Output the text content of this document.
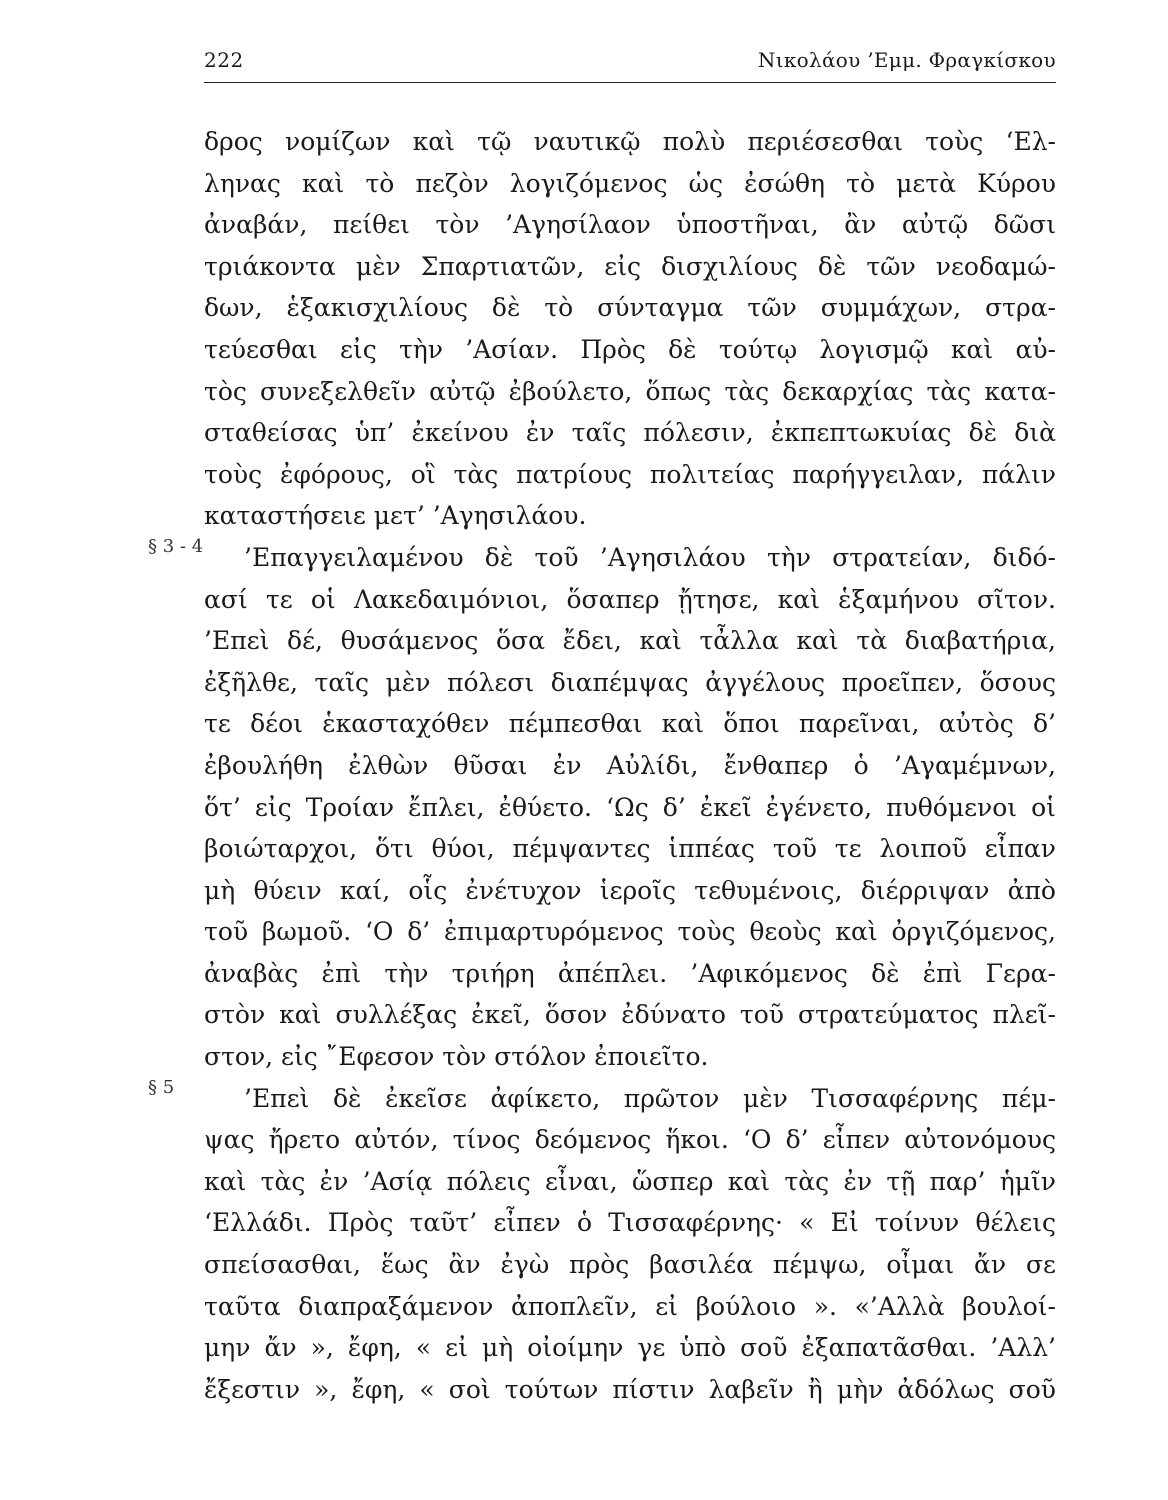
222	Νικολάου ’Εμμ. Φραγκίσκου
§ 3 - 4
§ 5
δρος νομίζων καὶ τῷ ναυτικῷ πολὺ περιέσεσθαι τοὺς ‘Ελ-
ληνας καὶ τὸ πεζὸν λογιζόμενος ὡς ἐσώθη τὸ μετὰ Κύρου
ἀναβάν, πείθει τὸν ’Αγησίλαον ὑποστῆναι, ἂν αὐτῷ δῶσι
τριάκοντα μὲν Σπαρτιατῶν, εἰς δισχιλίους δὲ τῶν νεοδαμώ-
δων, ἑξακισχιλίους δὲ τὸ σύνταγμα τῶν συμμάχων, στρα-
τεύεσθαι εἰς τὴν ’Ασίαν. Πρὸς δὲ τούτῳ λογισμῷ καὶ αὐ-
τὸς συνεξελθεῖν αὐτῷ ἐβούλετο, ὅπως τὰς δεκαρχίας τὰς κατα-
σταθείσας ὑπ’ ἐκείνου ἐν ταῖς πόλεσιν, ἐκπεπτωκυίας δὲ διὰ
τοὺς ἐφόρους, οἳ τὰς πατρίους πολιτείας παρήγγειλαν, πάλιν
καταστήσειε μετ’ ’Αγησιλάου.
’Επαγγειλαμένου δὲ τοῦ ’Αγησιλάου τὴν στρατείαν, διδό-
ασί τε οἱ Λακεδαιμόνιοι, ὅσαπερ ᾔτησε, καὶ ἑξαμήνου σῖτον.
’Επεὶ δέ, θυσάμενος ὅσα ἔδει, καὶ τἆλλα καὶ τὰ διαβατήρια,
ἐξῆλθε, ταῖς μὲν πόλεσι διαπέμψας ἀγγέλους προεῖπεν, ὅσους
τε δέοι ἑκασταχόθεν πέμπεσθαι καὶ ὅποι παρεῖναι, αὐτὸς δ’
ἐβουλήθη ἐλθὼν θῦσαι ἐν Αὐλίδι, ἔνθαπερ ὁ ’Αγαμέμνων,
ὅτ’ εἰς Τροίαν ἔπλει, ἐθύετο. ‘Ως δ’ ἐκεῖ ἐγένετο, πυθόμενοι οἱ
βοιώταρχοι, ὅτι θύοι, πέμψαντες ἱππέας τοῦ τε λοιποῦ εἶπαν
μὴ θύειν καί, οἷς ἐνέτυχον ἱεροῖς τεθυμένοις, διέρριψαν ἀπὸ
τοῦ βωμοῦ. ‘Ο δ’ ἐπιμαρτυρόμενος τοὺς θεοὺς καὶ ὀργιζόμενος,
ἀναβὰς ἐπὶ τὴν τριήρη ἀπέπλει. ’Αφικόμενος δὲ ἐπὶ Γερα-
στὸν καὶ συλλέξας ἐκεῖ, ὅσον ἐδύνατο τοῦ στρατεύματος πλεῖ-
στον, εἰς ῎Εφεσον τὸν στόλον ἐποιεῖτο.
’Επεὶ δὲ ἐκεῖσε ἀφίκετο, πρῶτον μὲν Τισσαφέρνης πέμ-
ψας ἤρετο αὐτόν, τίνος δεόμενος ἥκοι. ‘Ο δ’ εἶπεν αὐτονόμους
καὶ τὰς ἐν ’Ασίᾳ πόλεις εἶναι, ὥσπερ καὶ τὰς ἐν τῇ παρ’ ἡμῖν
‘Ελλάδι. Πρὸς ταῦτ’ εἶπεν ὁ Τισσαφέρνης· « Εἰ τοίνυν θέλεις
σπείσασθαι, ἕως ἂν ἐγὼ πρὸς βασιλέα πέμψω, οἶμαι ἄν σε
ταῦτα διαπραξάμενον ἀποπλεῖν, εἰ βούλοιο ». «’Αλλὰ βουλοί-
μην ἄν », ἔφη, « εἰ μὴ οἰοίμην γε ὑπὸ σοῦ ἐξαπατᾶσθαι. ’Αλλ’
ἔξεστιν », ἔφη, « σοὶ τούτων πίστιν λαβεῖν ἢ μὴν ἀδόλως σοῦ
